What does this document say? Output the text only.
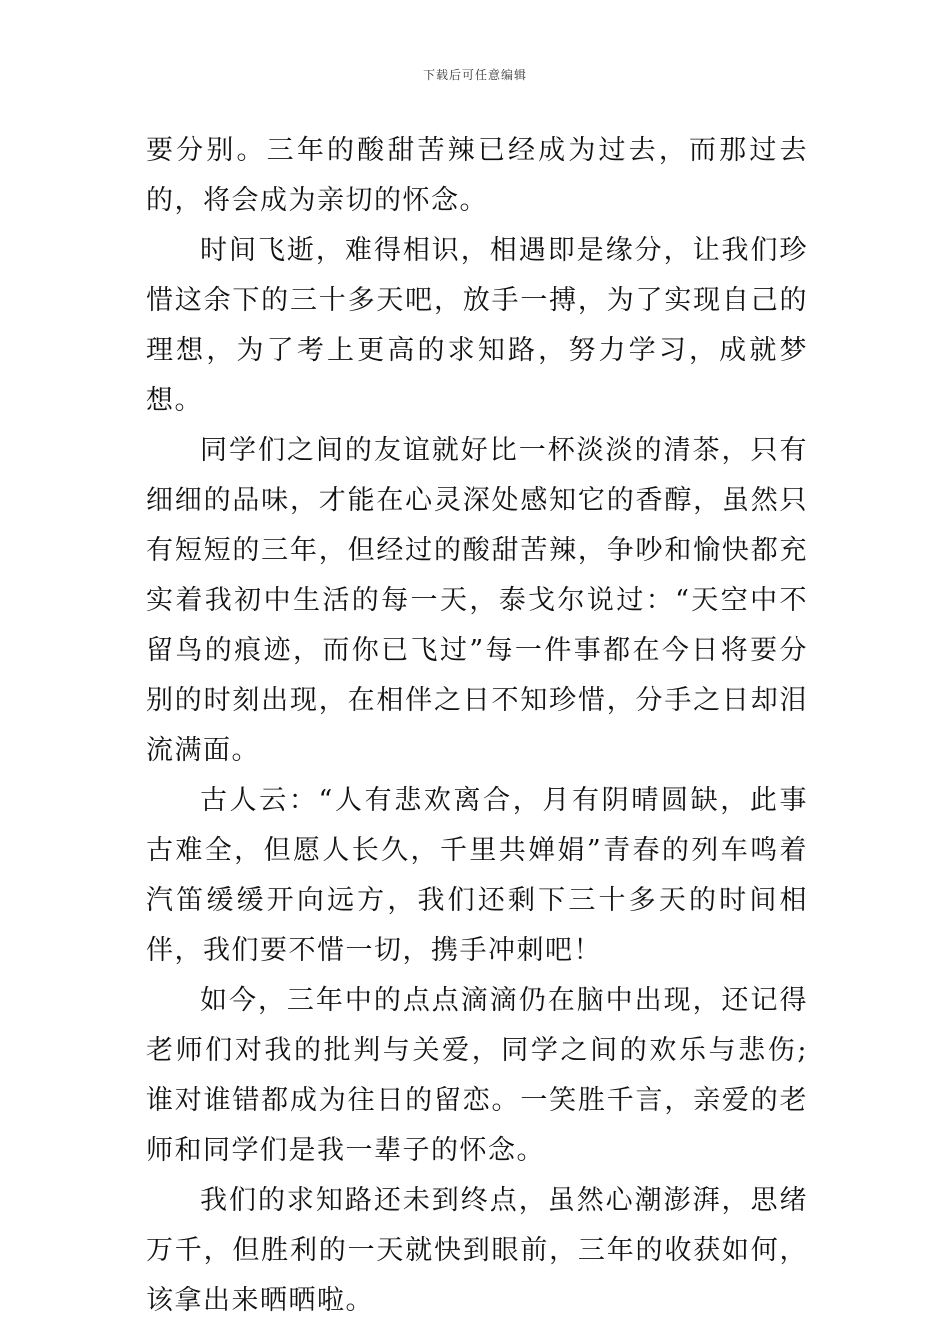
下载后可任意编辑

要分别。三年的酸甜苦辣已经成为过去，而那过去的，将会成为亲切的怀念。

时间飞逝，难得相识，相遇即是缘分，让我们珍惜这余下的三十多天吧，放手一搏，为了实现自己的理想，为了考上更高的求知路，努力学习，成就梦想。

同学们之间的友谊就好比一杯淡淡的清茶，只有细细的品味，才能在心灵深处感知它的香醇，虽然只有短短的三年，但经过的酸甜苦辣，争吵和愉快都充实着我初中生活的每一天，泰戈尔说过：“天空中不留鸟的痕迹，而你已飞过”每一件事都在今日将要分别的时刻出现，在相伴之日不知珍惜，分手之日却泪流满面。

古人云：“人有悲欢离合，月有阴晴圆缺，此事古难全，但愿人长久，千里共婵娟”青春的列车鸣着汽笛缓缓开向远方，我们还剩下三十多天的时间相伴，我们要不惜一切，携手冲刺吧！

如今，三年中的点点滴滴仍在脑中出现，还记得老师们对我的批判与关爱，同学之间的欢乐与悲伤;谁对谁错都成为往日的留恋。一笑胜千言，亲爱的老师和同学们是我一辈子的怀念。

我们的求知路还未到终点，虽然心潮澎湃，思绪万千，但胜利的一天就快到眼前，三年的收获如何，该拿出来晒晒啦。
